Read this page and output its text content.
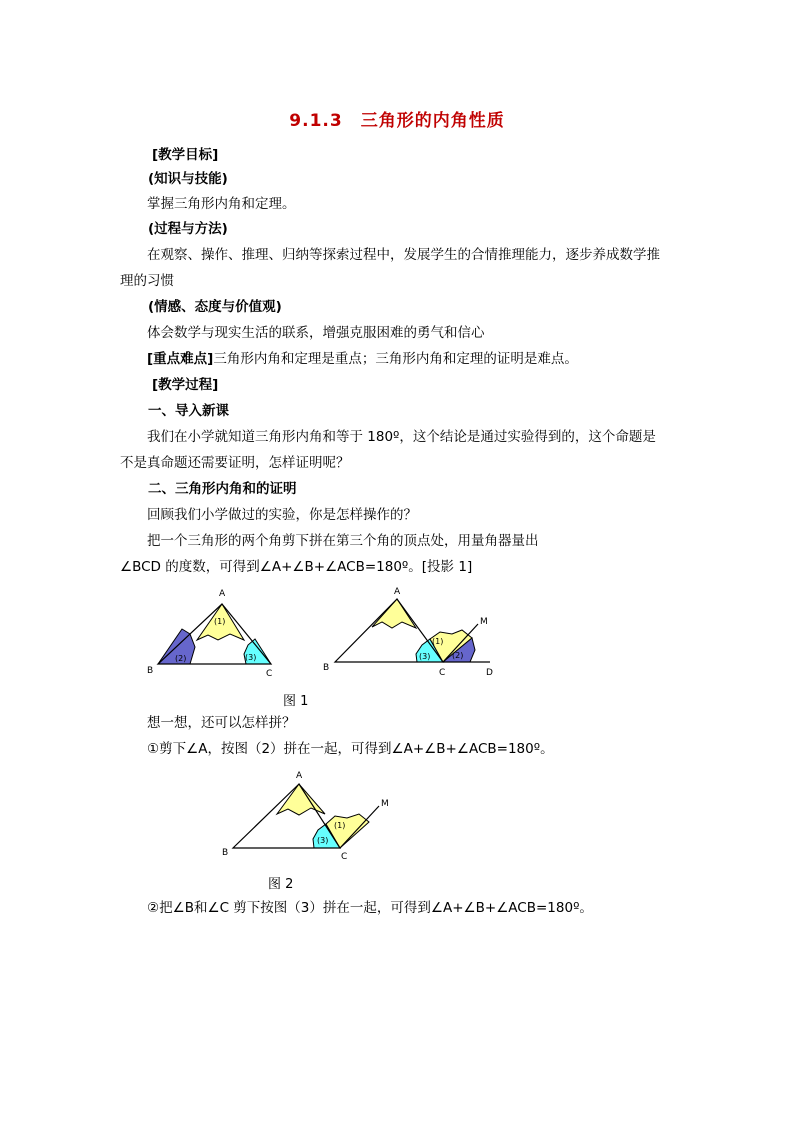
9.1.3　三角形的内角性质
[教学目标]
(知识与技能)
掌握三角形内角和定理。
(过程与方法)
在观察、操作、推理、归纳等探索过程中，发展学生的合情推理能力，逐步养成数学推
理的习惯
(情感、态度与价值观)
体会数学与现实生活的联系，增强克服困难的勇气和信心
[重点难点]三角形内角和定理是重点；三角形内角和定理的证明是难点。
[教学过程]
一、导入新课
我们在小学就知道三角形内角和等于 180º，这个结论是通过实验得到的，这个命题是
不是真命题还需要证明，怎样证明呢？
二、三角形内角和的证明
回顾我们小学做过的实验，你是怎样操作的？
把一个三角形的两个角剪下拼在第三个角的顶点处，用量角器量出
∠BCD 的度数，可得到∠A+∠B+∠ACB=180º。[投影 1]
A
B	C
(1)
(2)	(3)
A
B	C	D
M
(1)
(2)
(3)
图 1
想一想，还可以怎样拼？
①剪下∠A，按图（2）拼在一起，可得到∠A+∠B+∠ACB=180º。
A
B	C
M
(1)
(3)
图 2
②把∠B和∠C 剪下按图（3）拼在一起，可得到∠A+∠B+∠ACB=180º。
